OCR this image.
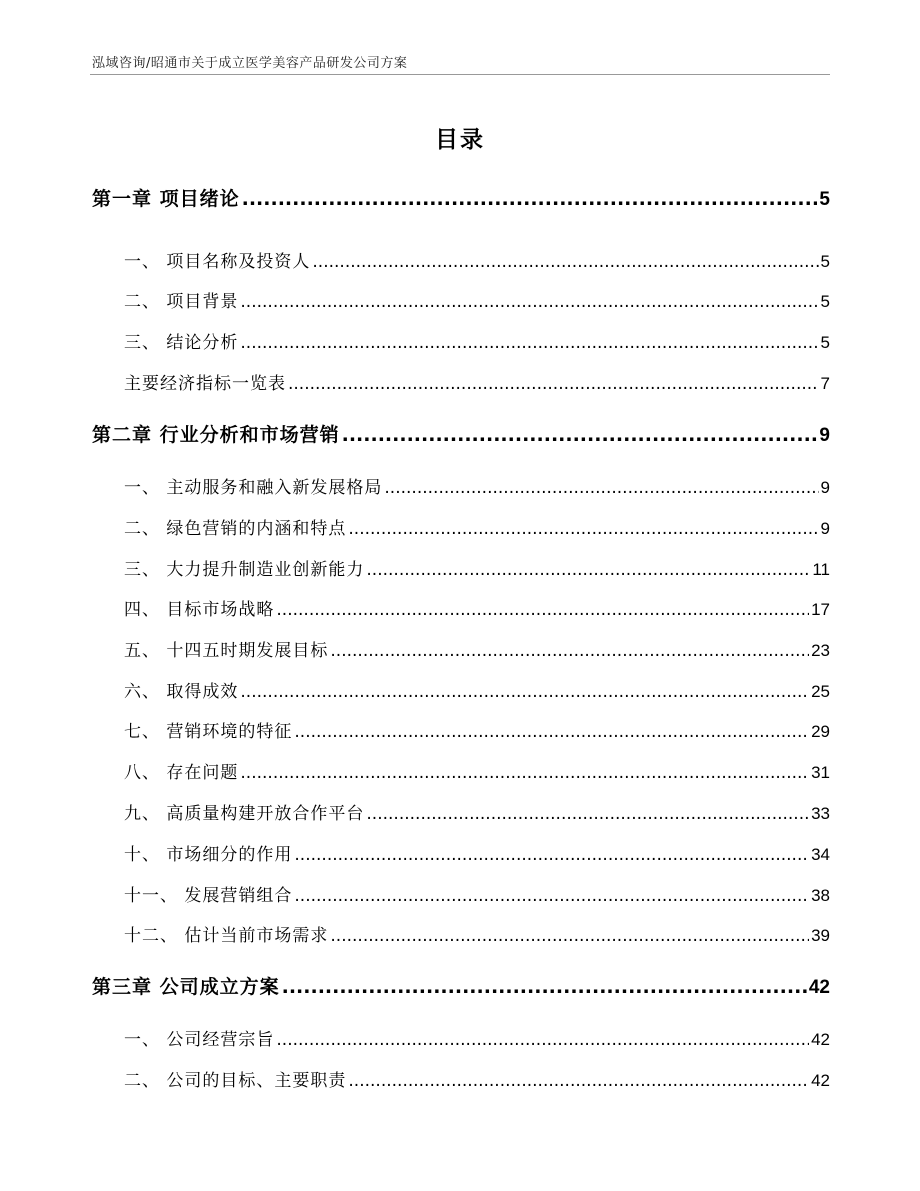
泓域咨询/昭通市关于成立医学美容产品研发公司方案
目录
第一章 项目绪论 .....	5
一、 项目名称及投资人 .....	5
二、 项目背景 .....	5
三、 结论分析 .....	5
主要经济指标一览表 .....	7
第二章 行业分析和市场营销 .....	9
一、 主动服务和融入新发展格局 .....	9
二、 绿色营销的内涵和特点 .....	9
三、 大力提升制造业创新能力 .....	11
四、 目标市场战略 .....	17
五、 十四五时期发展目标 .....	23
六、 取得成效 .....	25
七、 营销环境的特征 .....	29
八、 存在问题 .....	31
九、 高质量构建开放合作平台 .....	33
十、 市场细分的作用 .....	34
十一、 发展营销组合 .....	38
十二、 估计当前市场需求 .....	39
第三章 公司成立方案 .....	42
一、 公司经营宗旨 .....	42
二、 公司的目标、主要职责 .....	42
